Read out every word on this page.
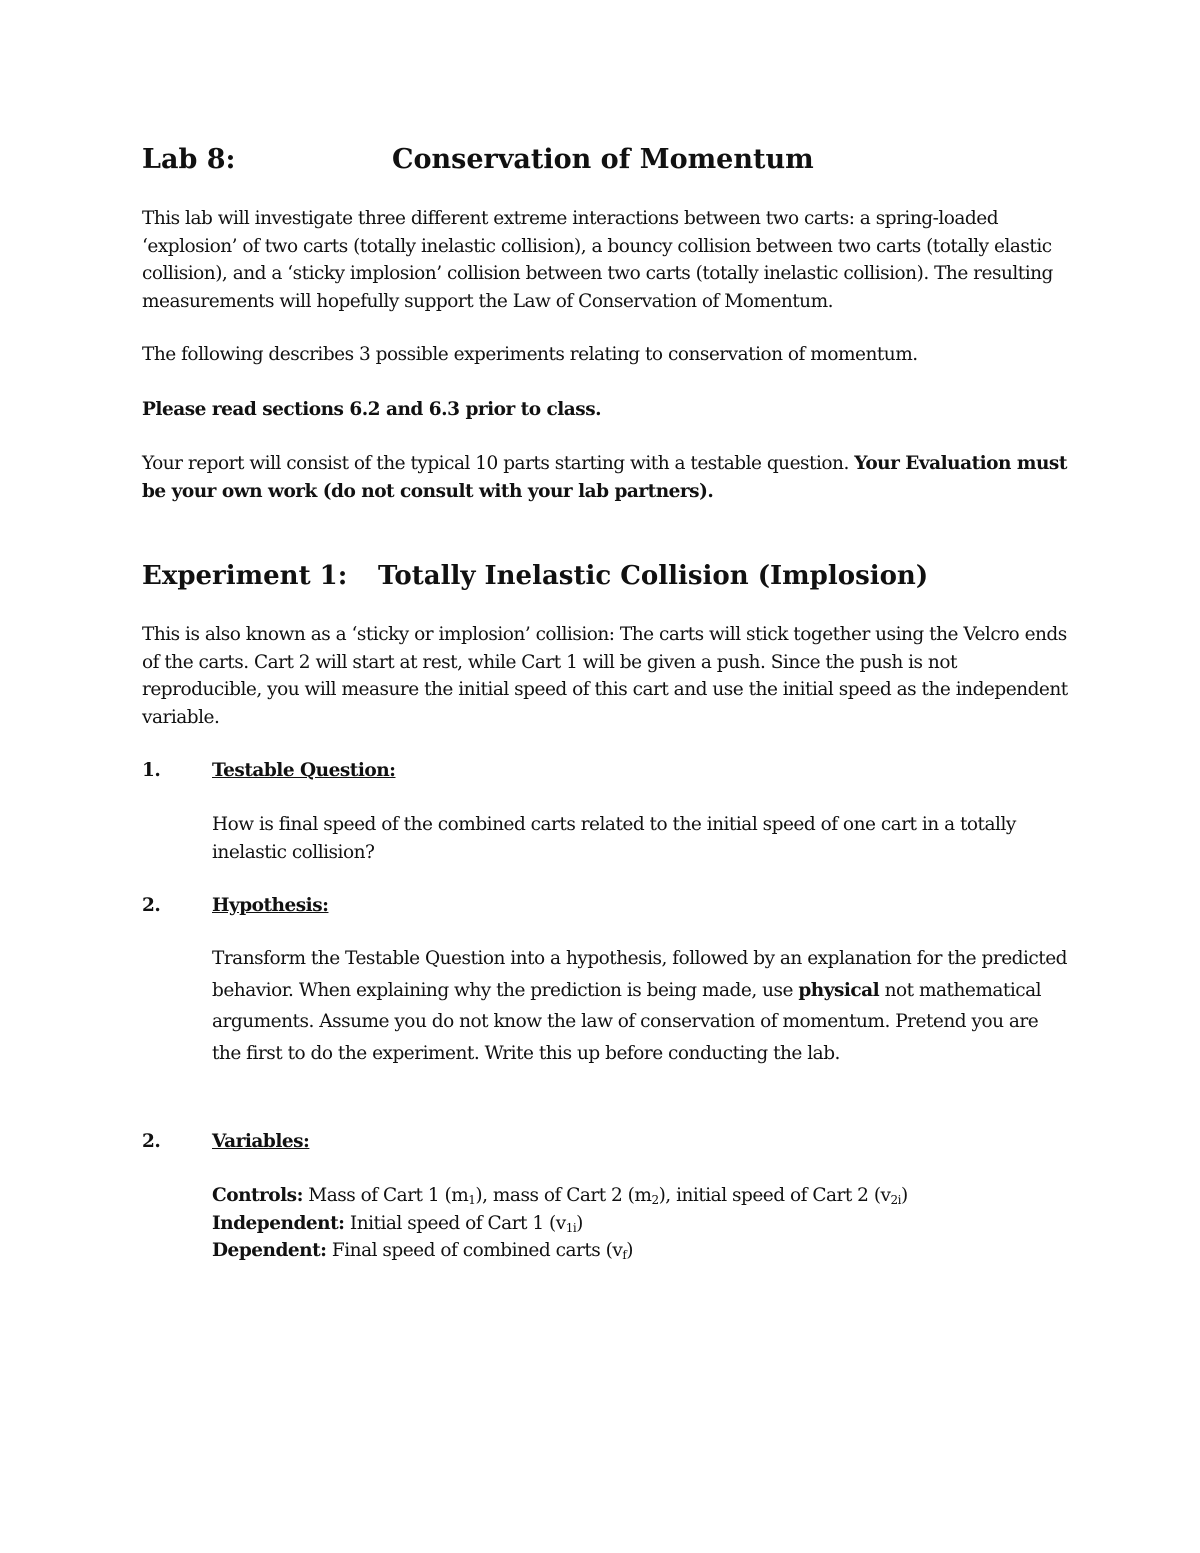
Lab 8:	Conservation of Momentum

This lab will investigate three different extreme interactions between two carts: a spring-loaded ‘explosion’ of two carts (totally inelastic collision), a bouncy collision between two carts (totally elastic collision), and a ‘sticky implosion’ collision between two carts (totally inelastic collision). The resulting measurements will hopefully support the Law of Conservation of Momentum.

The following describes 3 possible experiments relating to conservation of momentum.

Please read sections 6.2 and 6.3 prior to class.

Your report will consist of the typical 10 parts starting with a testable question. Your Evaluation must be your own work (do not consult with your lab partners).

Experiment 1: Totally Inelastic Collision (Implosion)

This is also known as a ‘sticky or implosion’ collision: The carts will stick together using the Velcro ends of the carts. Cart 2 will start at rest, while Cart 1 will be given a push. Since the push is not reproducible, you will measure the initial speed of this cart and use the initial speed as the independent variable.

1.	Testable Question:

How is final speed of the combined carts related to the initial speed of one cart in a totally inelastic collision?

2.	Hypothesis:

Transform the Testable Question into a hypothesis, followed by an explanation for the predicted behavior. When explaining why the prediction is being made, use physical not mathematical arguments. Assume you do not know the law of conservation of momentum. Pretend you are the first to do the experiment. Write this up before conducting the lab.

2.	Variables:

Controls: Mass of Cart 1 $(m_1)$, mass of Cart 2 $(m_2)$, initial speed of Cart 2 $(v_{2i})$
Independent: Initial speed of Cart 1 $(v_{1i})$
Dependent: Final speed of combined carts $(v_f)$
